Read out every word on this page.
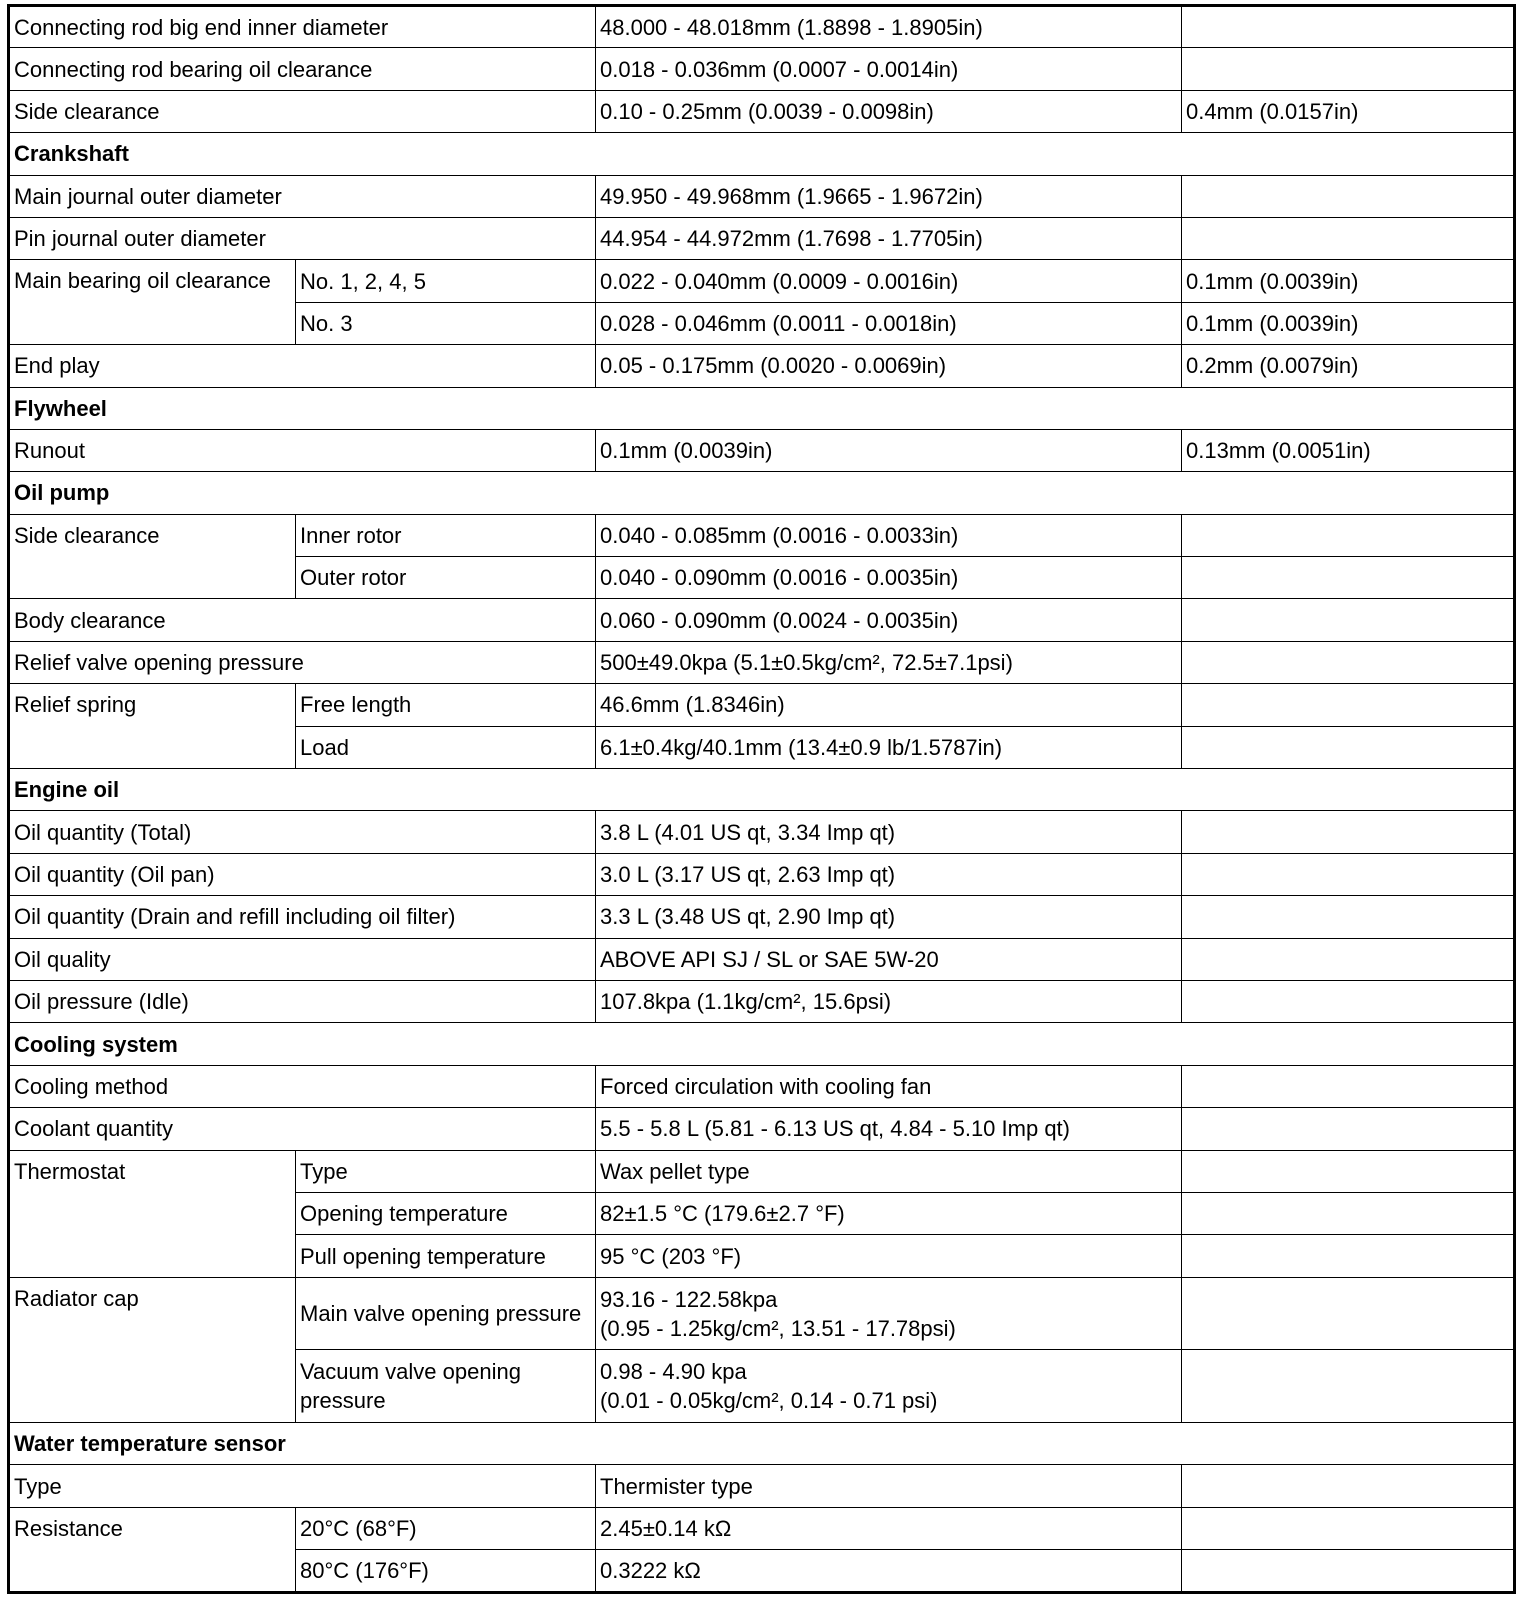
Connecting rod big end inner diameter		48.000 - 48.018mm (1.8898 - 1.8905in)	
Connecting rod bearing oil clearance		0.018 - 0.036mm (0.0007 - 0.0014in)	
Side clearance		0.10 - 0.25mm (0.0039 - 0.0098in)	0.4mm (0.0157in)
Crankshaft			
Main journal outer diameter		49.950 - 49.968mm (1.9665 - 1.9672in)	
Pin journal outer diameter		44.954 - 44.972mm (1.7698 - 1.7705in)	
Main bearing oil clearance	No. 1, 2, 4, 5	0.022 - 0.040mm (0.0009 - 0.0016in)	0.1mm (0.0039in)
	No. 3	0.028 - 0.046mm (0.0011 - 0.0018in)	0.1mm (0.0039in)
End play		0.05 - 0.175mm (0.0020 - 0.0069in)	0.2mm (0.0079in)
Flywheel			
Runout		0.1mm (0.0039in)	0.13mm (0.0051in)
Oil pump			
Side clearance	Inner rotor	0.040 - 0.085mm (0.0016 - 0.0033in)	
	Outer rotor	0.040 - 0.090mm (0.0016 - 0.0035in)	
Body clearance		0.060 - 0.090mm (0.0024 - 0.0035in)	
Relief valve opening pressure		500±49.0kpa (5.1±0.5kg/cm², 72.5±7.1psi)	
Relief spring	Free length	46.6mm (1.8346in)	
	Load	6.1±0.4kg/40.1mm (13.4±0.9 lb/1.5787in)	
Engine oil			
Oil quantity (Total)		3.8 L (4.01 US qt, 3.34 Imp qt)	
Oil quantity (Oil pan)		3.0 L (3.17 US qt, 2.63 Imp qt)	
Oil quantity (Drain and refill including oil filter)		3.3 L (3.48 US qt, 2.90 Imp qt)	
Oil quality		ABOVE API SJ / SL or SAE 5W-20	
Oil pressure (Idle)		107.8kpa (1.1kg/cm², 15.6psi)	
Cooling system			
Cooling method		Forced circulation with cooling fan	
Coolant quantity		5.5 - 5.8 L (5.81 - 6.13 US qt, 4.84 - 5.10 Imp qt)	
Thermostat	Type	Wax pellet type	
	Opening temperature	82±1.5 °C (179.6±2.7 °F)	
	Pull opening temperature	95 °C (203 °F)	
Radiator cap	Main valve opening pressure	93.16 - 122.58kpa
(0.95 - 1.25kg/cm², 13.51 - 17.78psi)	

	Vacuum valve opening pressure	0.98 - 4.90 kpa
(0.01 - 0.05kg/cm², 0.14 - 0.71 psi)	

Water temperature sensor			
Type		Thermister type	
Resistance	20°C (68°F)	2.45±0.14 kΩ	
	80°C (176°F)	0.3222 kΩ	
